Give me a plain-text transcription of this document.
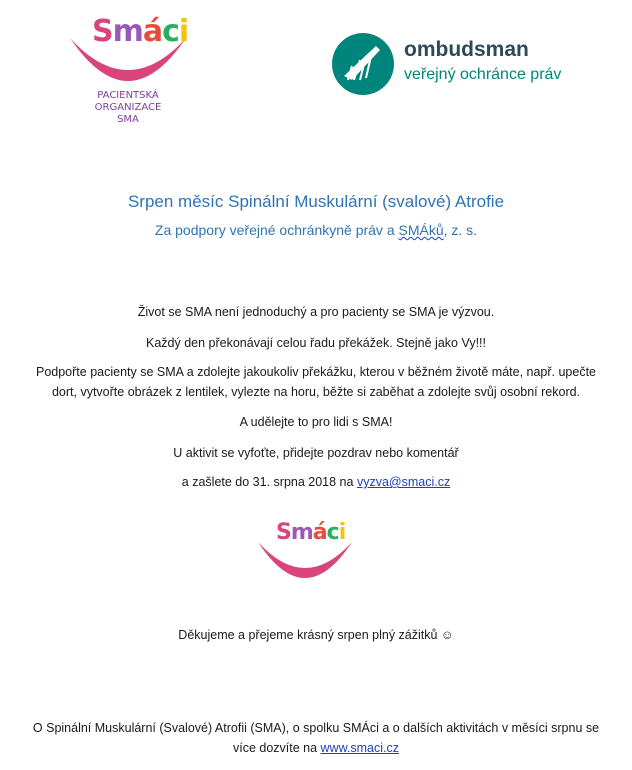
Smáci
PACIENTSKÁ
ORGANIZACE
SMA
ombudsman
veřejný ochránce práv
Srpen měsíc Spinální Muskulární (svalové) Atrofie
Za podpory veřejné ochránkyně práv a SMÁků, z. s.
Život se SMA není jednoduchý a pro pacienty se SMA je výzvou.
Každý den překonávají celou řadu překážek. Stejně jako Vy!!!
Podpořte pacienty se SMA a zdolejte jakoukoliv překážku, kterou v běžném životě máte, např. upečte
dort, vytvořte obrázek z lentilek, vylezte na horu, běžte si zaběhat a zdolejte svůj osobní rekord.
A udělejte to pro lidi s SMA!
U aktivit se vyfoťte, přidejte pozdrav nebo komentář
a zašlete do 31. srpna 2018 na vyzva@smaci.cz
Smáci
Děkujeme a přejeme krásný srpen plný zážitků ☺
O Spinální Muskulární (Svalové) Atrofii (SMA), o spolku SMÁci a o dalších aktivitách v měsíci srpnu se
více dozvíte na www.smaci.cz
